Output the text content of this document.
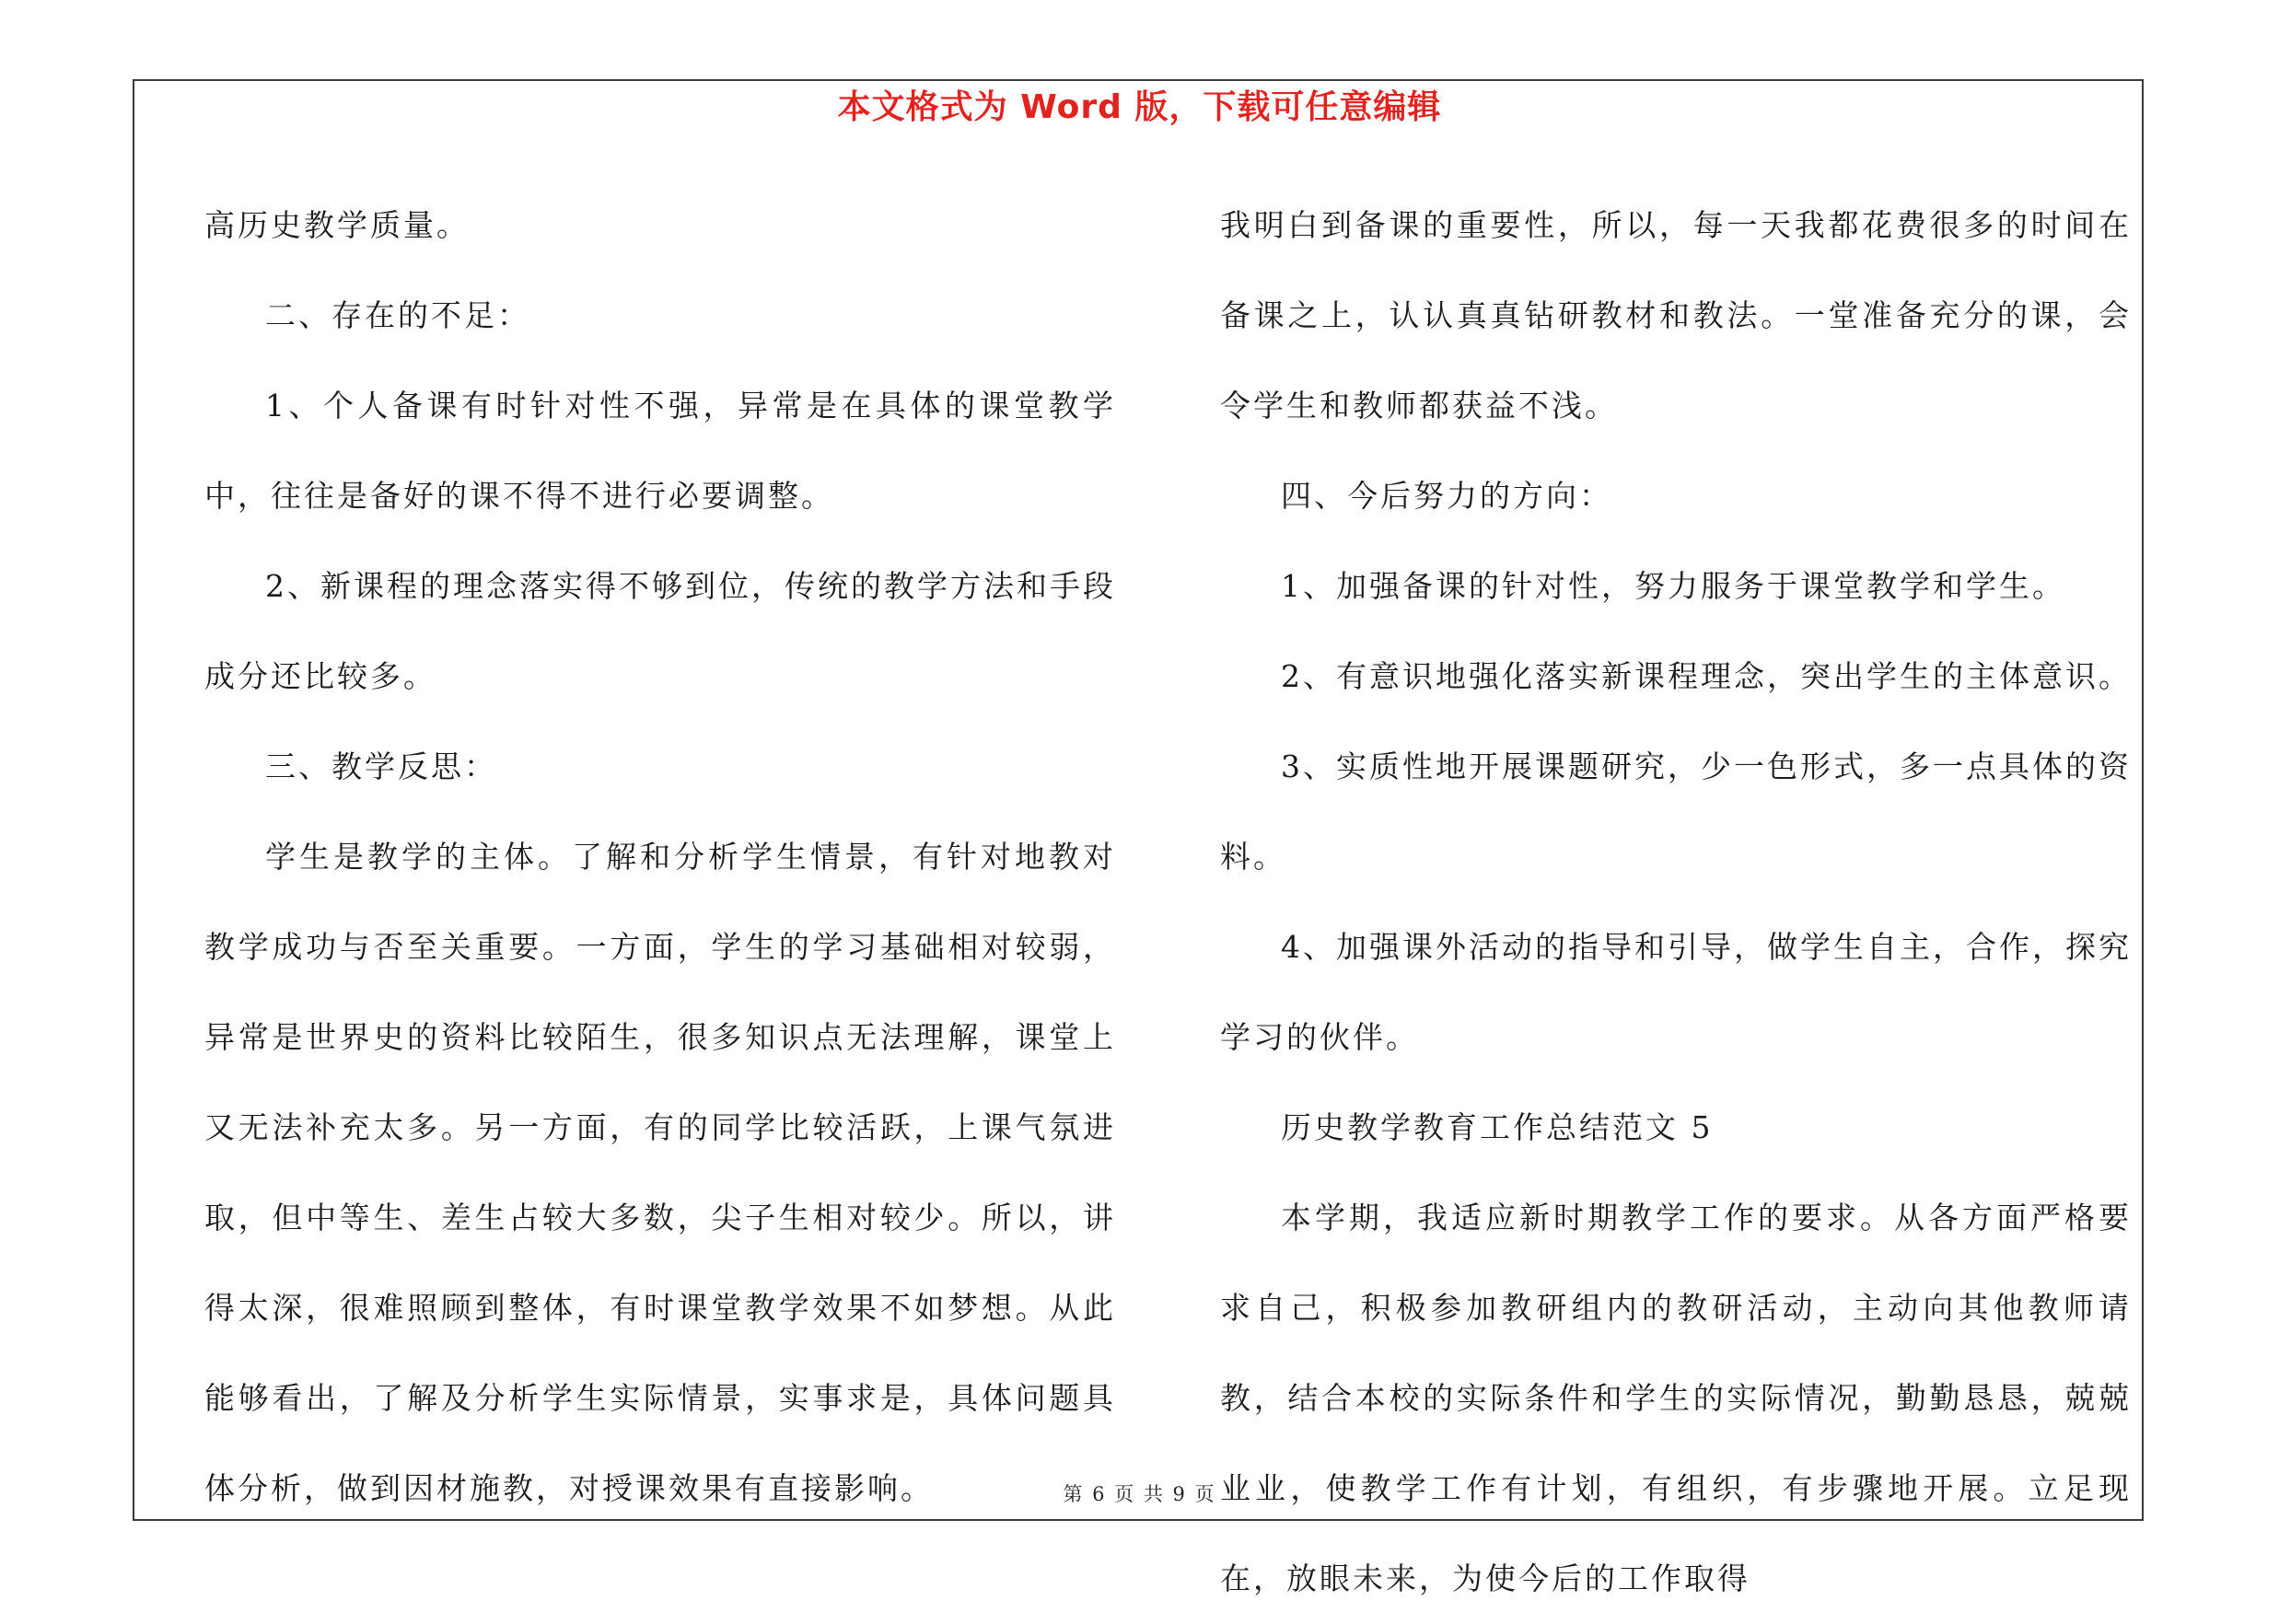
本文格式为 Word 版，下载可任意编辑

高历史教学质量。

二、存在的不足：

1、个人备课有时针对性不强，异常是在具体的课堂教学中，往往是备好的课不得不进行必要调整。

2、新课程的理念落实得不够到位，传统的教学方法和手段成分还比较多。

三、教学反思：

学生是教学的主体。了解和分析学生情景，有针对地教对教学成功与否至关重要。一方面，学生的学习基础相对较弱，异常是世界史的资料比较陌生，很多知识点无法理解，课堂上又无法补充太多。另一方面，有的同学比较活跃，上课气氛进取，但中等生、差生占较大多数，尖子生相对较少。所以，讲得太深，很难照顾到整体，有时课堂教学效果不如梦想。从此能够看出，了解及分析学生实际情景，实事求是，具体问题具体分析，做到因材施教，对授课效果有直接影响。

我明白到备课的重要性，所以，每一天我都花费很多的时间在备课之上，认认真真钻研教材和教法。一堂准备充分的课，会令学生和教师都获益不浅。

四、今后努力的方向：

1、加强备课的针对性，努力服务于课堂教学和学生。

2、有意识地强化落实新课程理念，突出学生的主体意识。

3、实质性地开展课题研究，少一色形式，多一点具体的资料。

4、加强课外活动的指导和引导，做学生自主，合作，探究学习的伙伴。

历史教学教育工作总结范文 5

本学期，我适应新时期教学工作的要求。从各方面严格要求自己，积极参加教研组内的教研活动，主动向其他教师请教，结合本校的实际条件和学生的实际情况，勤勤恳恳，兢兢业业，使教学工作有计划，有组织，有步骤地开展。立足现在，放眼未来，为使今后的工作取得

第 6 页 共 9 页
